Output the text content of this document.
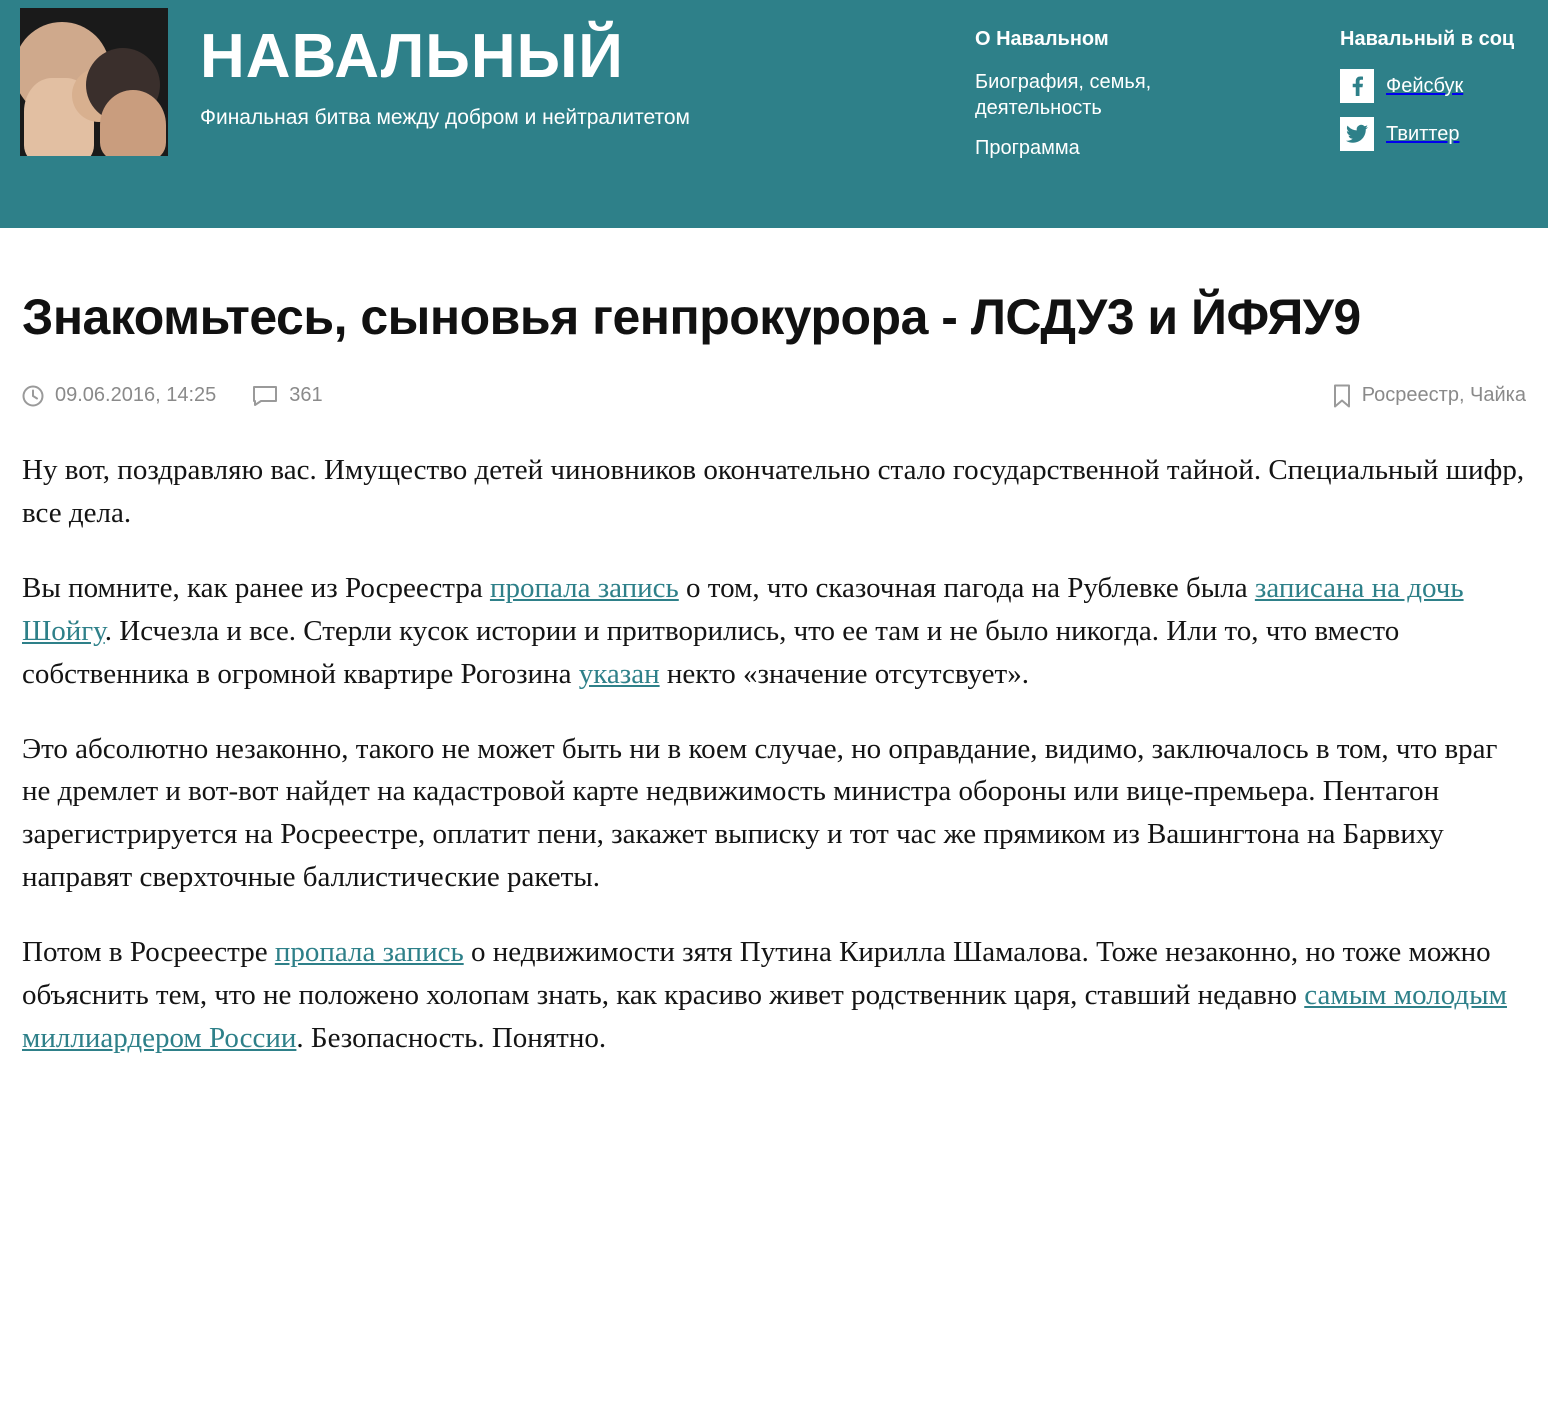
НАВАЛЬНЫЙ
Финальная битва между добром и нейтралитетом
О Навальном
Биография, семья, деятельность
Программа
Навальный в соц
Фейсбук
Твиттер
Знакомьтесь, сыновья генпрокурора - ЛСДУ3 и ЙФЯУ9
09.06.2016, 14:25	361	Росреестр, Чайка

Ну вот, поздравляю вас. Имущество детей чиновников окончательно стало государственной тайной. Специальный шифр, все дела.

Вы помните, как ранее из Росреестра пропала запись о том, что сказочная пагода на Рублевке была записана на дочь Шойгу. Исчезла и все. Стерли кусок истории и притворились, что ее там и не было никогда. Или то, что вместо собственника в огромной квартире Рогозина указан некто «значение отсутсвует».

Это абсолютно незаконно, такого не может быть ни в коем случае, но оправдание, видимо, заключалось в том, что враг не дремлет и вот-вот найдет на кадастровой карте недвижимость министра обороны или вице-премьера. Пентагон зарегистрируется на Росреестре, оплатит пени, закажет выписку и тот час же прямиком из Вашингтона на Барвиху направят сверхточные баллистические ракеты.

Потом в Росреестре пропала запись о недвижимости зятя Путина Кирилла Шамалова. Тоже незаконно, но тоже можно объяснить тем, что не положено холопам знать, как красиво живет родственник царя, ставший недавно самым молодым миллиардером России. Безопасность. Понятно.
